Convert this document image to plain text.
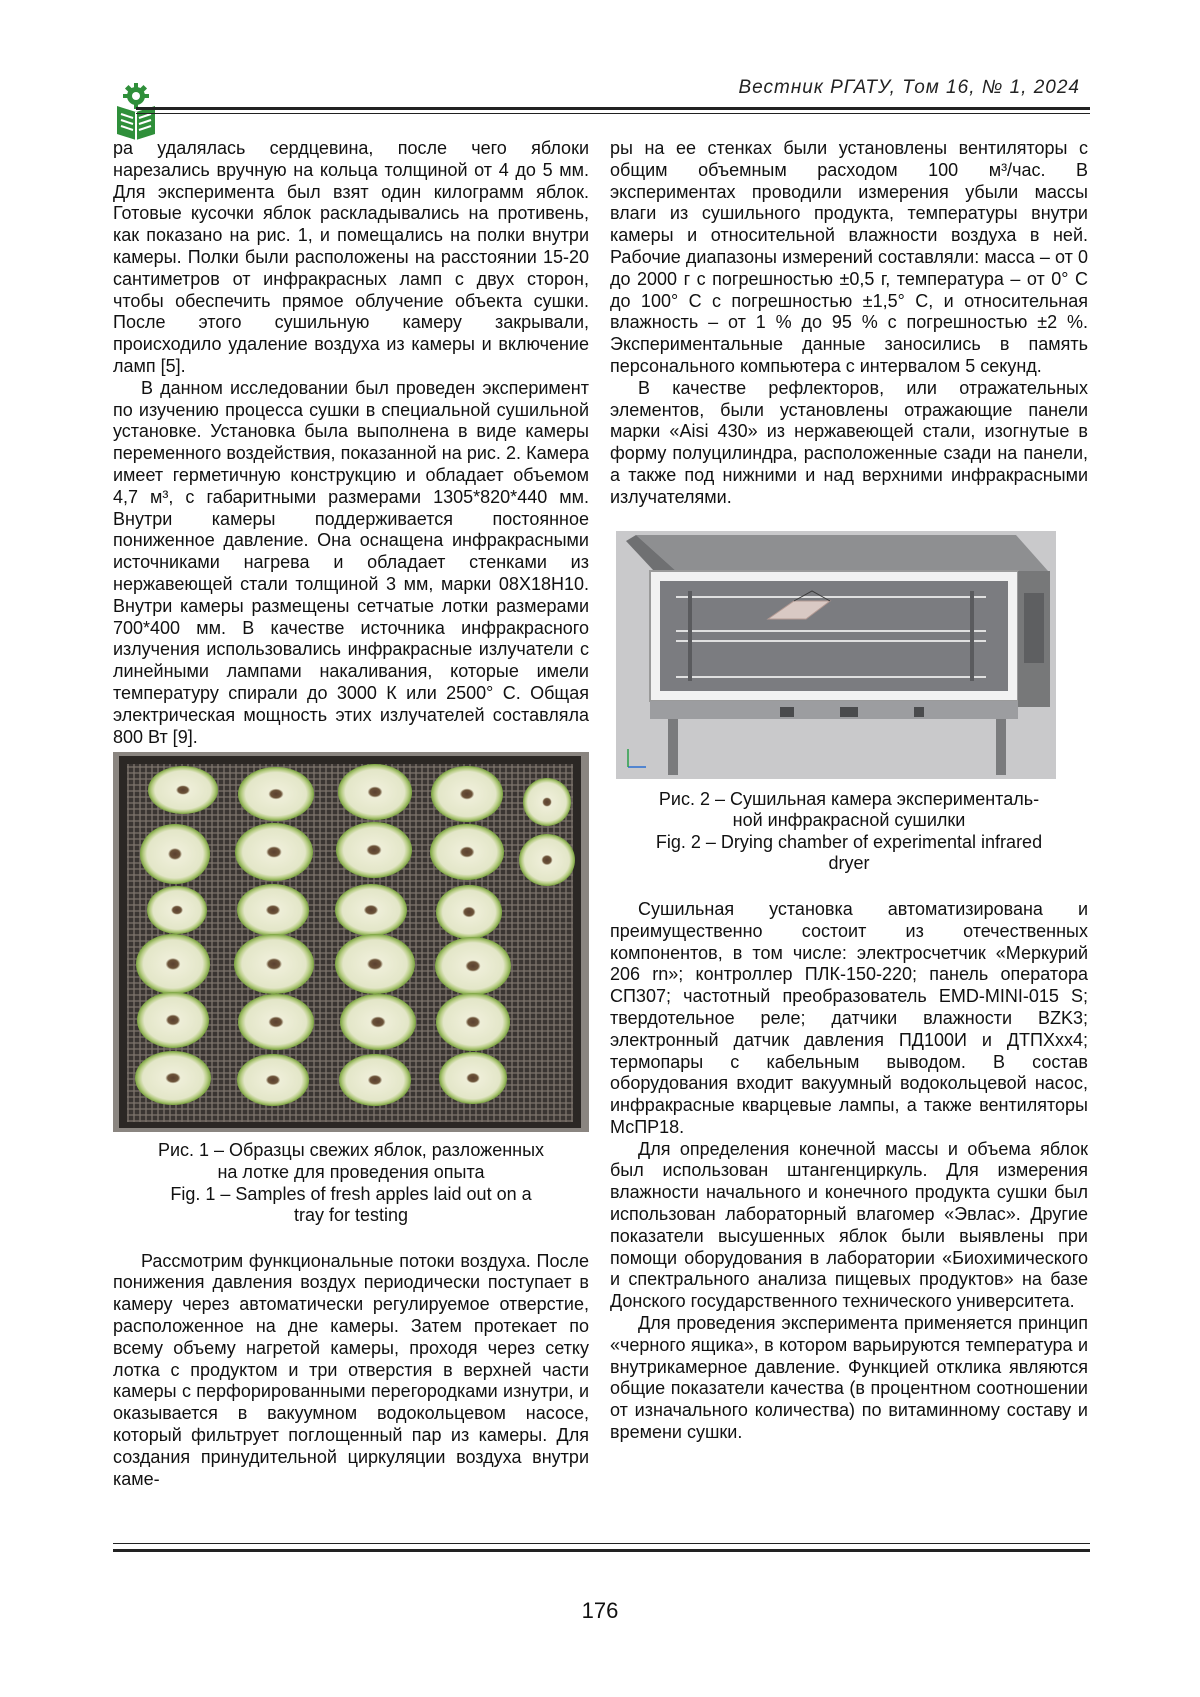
Вестник РГАТУ, Том 16, № 1, 2024

ра удалялась сердцевина, после чего яблоки нарезались вручную на кольца толщиной от 4 до 5 мм. Для эксперимента был взят один килограмм яблок. Готовые кусочки яблок раскладывались на противень, как показано на рис. 1, и помещались на полки внутри камеры. Полки были расположены на расстоянии 15-20 сантиметров от инфракрасных ламп с двух сторон, чтобы обеспечить прямое облучение объекта сушки. После этого сушильную камеру закрывали, происходило удаление воздуха из камеры и включение ламп [5].

В данном исследовании был проведен эксперимент по изучению процесса сушки в специальной сушильной установке. Установка была выполнена в виде камеры переменного воздействия, показанной на рис. 2. Камера имеет герметичную конструкцию и обладает объемом 4,7 м³, с габаритными размерами 1305*820*440 мм. Внутри камеры поддерживается постоянное пониженное давление. Она оснащена инфракрасными источниками нагрева и обладает стенками из нержавеющей стали толщиной 3 мм, марки 08Х18Н10. Внутри камеры размещены сетчатые лотки размерами 700*400 мм. В качестве источника инфракрасного излучения использовались инфракрасные излучатели с линейными лампами накаливания, которые имели температуру спирали до 3000 К или 2500° С. Общая электрическая мощность этих излучателей составляла 800 Вт [9].

Рис. 1 – Образцы свежих яблок, разложенных
на лотке для проведения опыта
Fig. 1 – Samples of fresh apples laid out on a
tray for testing

Рассмотрим функциональные потоки воздуха. После понижения давления воздух периодически поступает в камеру через автоматически регулируемое отверстие, расположенное на дне камеры. Затем протекает по всему объему нагретой камеры, проходя через сетку лотка с продуктом и три отверстия в верхней части камеры с перфорированными перегородками изнутри, и оказывается в вакуумном водокольцевом насосе, который фильтрует поглощенный пар из камеры. Для создания принудительной циркуляции воздуха внутри каме-

ры на ее стенках были установлены вентиляторы с общим объемным расходом 100 м³/час. В экспериментах проводили измерения убыли массы влаги из сушильного продукта, температуры внутри камеры и относительной влажности воздуха в ней. Рабочие диапазоны измерений составляли: масса – от 0 до 2000 г с погрешностью ±0,5 г, температура – от 0° С до 100° С с погрешностью ±1,5° С, и относительная влажность – от 1 % до 95 % с погрешностью ±2 %. Экспериментальные данные заносились в память персонального компьютера с интервалом 5 секунд.

В качестве рефлекторов, или отражательных элементов, были установлены отражающие панели марки «Aisi 430» из нержавеющей стали, изогнутые в форму полуцилиндра, расположенные сзади на панели, а также под нижними и над верхними инфракрасными излучателями.

Рис. 2 – Сушильная камера эксперименталь-
ной инфракрасной сушилки
Fig. 2 – Drying chamber of experimental infrared
dryer

Сушильная установка автоматизирована и преимущественно состоит из отечественных компонентов, в том числе: электросчетчик «Меркурий 206 rn»; контроллер ПЛК-150-220; панель оператора СП307; частотный преобразователь EMD-MINI-015 S; твердотельное реле; датчики влажности BZK3; электронный датчик давления ПД100И и ДТПХхх4; термопары с кабельным выводом. В состав оборудования входит вакуумный водокольцевой насос, инфракрасные кварцевые лампы, а также вентиляторы МсПР18.

Для определения конечной массы и объема яблок был использован штангенциркуль. Для измерения влажности начального и конечного продукта сушки был использован лабораторный влагомер «Эвлас». Другие показатели высушенных яблок были выявлены при помощи оборудования в лаборатории «Биохимического и спектрального анализа пищевых продуктов» на базе Донского государственного технического университета.

Для проведения эксперимента применяется принцип «черного ящика», в котором варьируются температура и внутрикамерное давление. Функцией отклика являются общие показатели качества (в процентном соотношении от изначального количества) по витаминному составу и времени сушки.

176
